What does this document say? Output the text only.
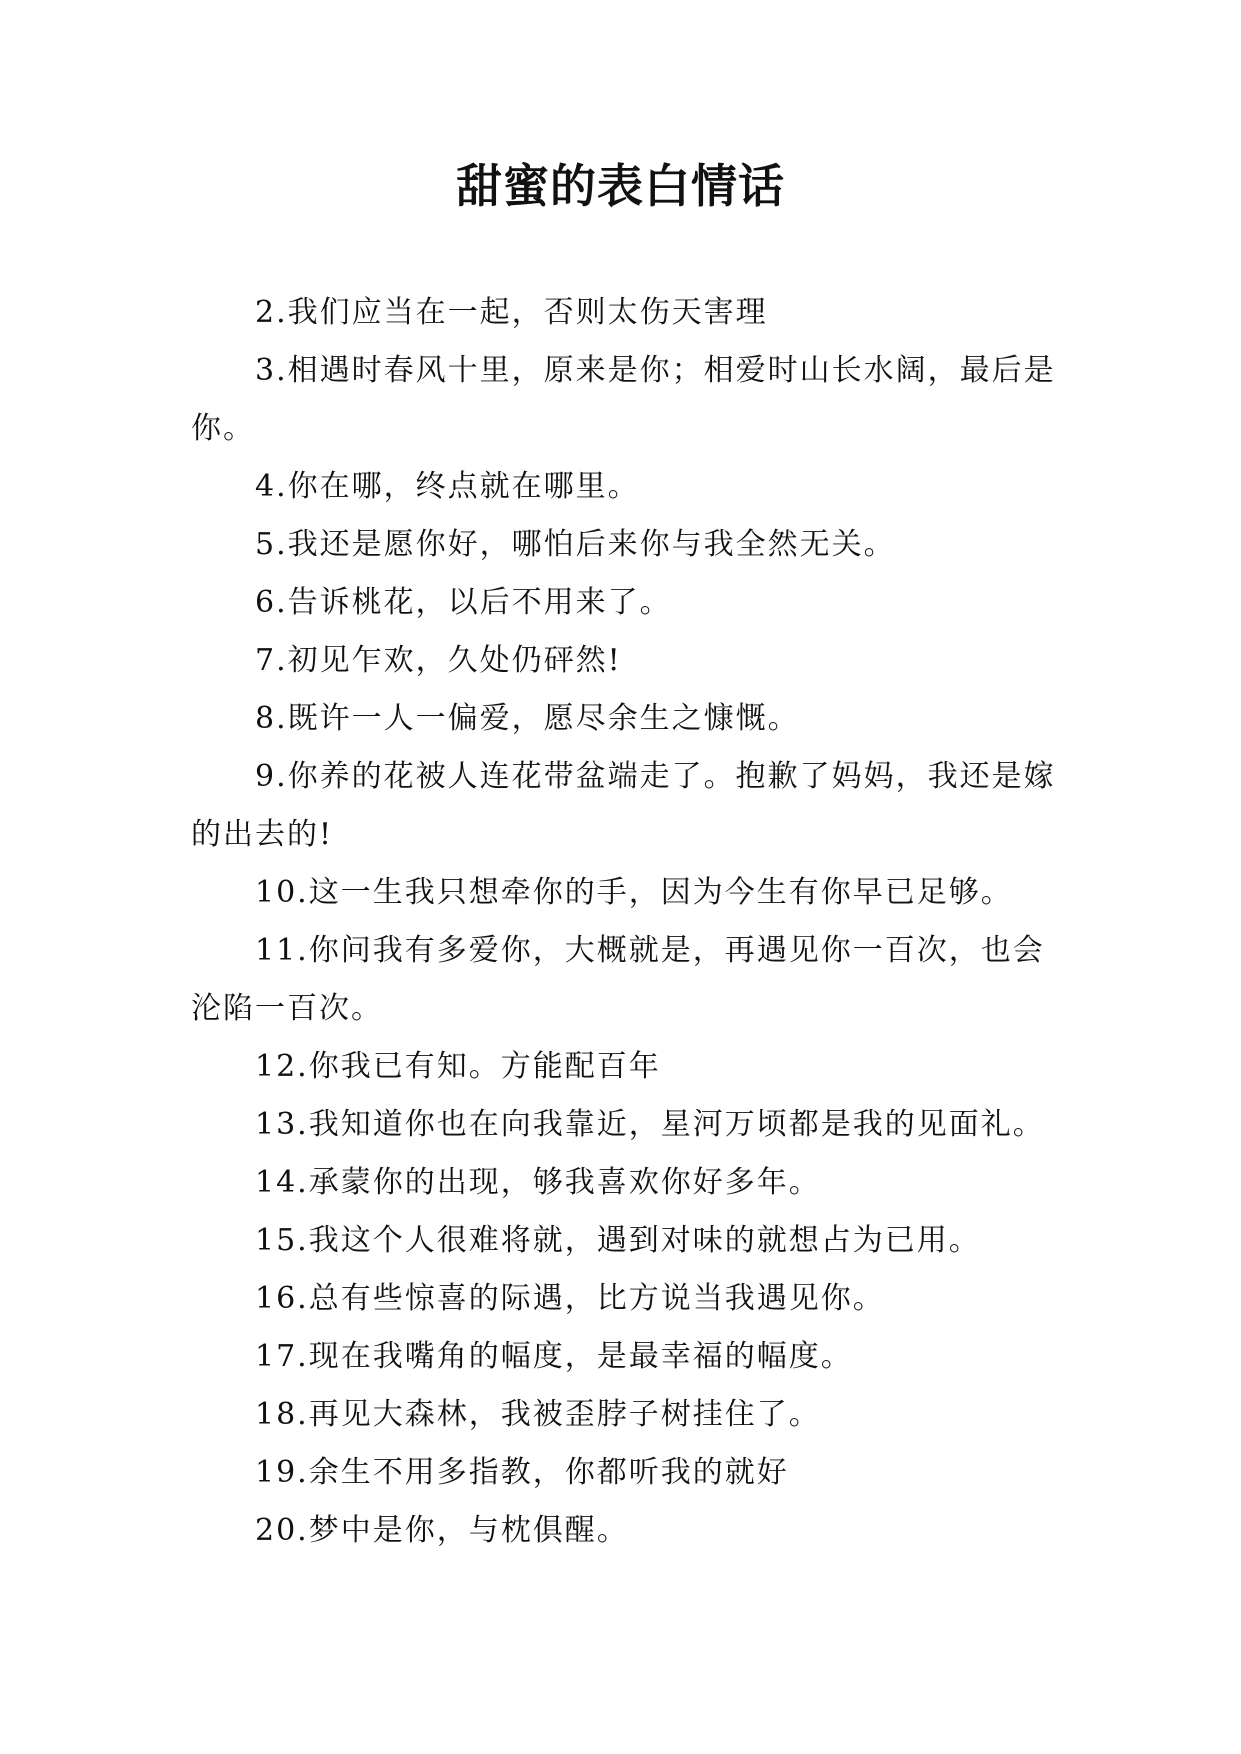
甜蜜的表白情话

2.我们应当在一起，否则太伤天害理

3.相遇时春风十里，原来是你；相爱时山长水阔，最后是你。

4.你在哪，终点就在哪里。

5.我还是愿你好，哪怕后来你与我全然无关。

6.告诉桃花，以后不用来了。

7.初见乍欢，久处仍砰然!

8.既许一人一偏爱，愿尽余生之慷慨。

9.你养的花被人连花带盆端走了。抱歉了妈妈，我还是嫁的出去的!

10.这一生我只想牵你的手，因为今生有你早已足够。

11.你问我有多爱你，大概就是，再遇见你一百次，也会沦陷一百次。

12.你我已有知。方能配百年

13.我知道你也在向我靠近，星河万顷都是我的见面礼。

14.承蒙你的出现，够我喜欢你好多年。

15.我这个人很难将就，遇到对味的就想占为已用。

16.总有些惊喜的际遇，比方说当我遇见你。

17.现在我嘴角的幅度，是最幸福的幅度。

18.再见大森林，我被歪脖子树挂住了。

19.余生不用多指教，你都听我的就好

20.梦中是你，与枕俱醒。
